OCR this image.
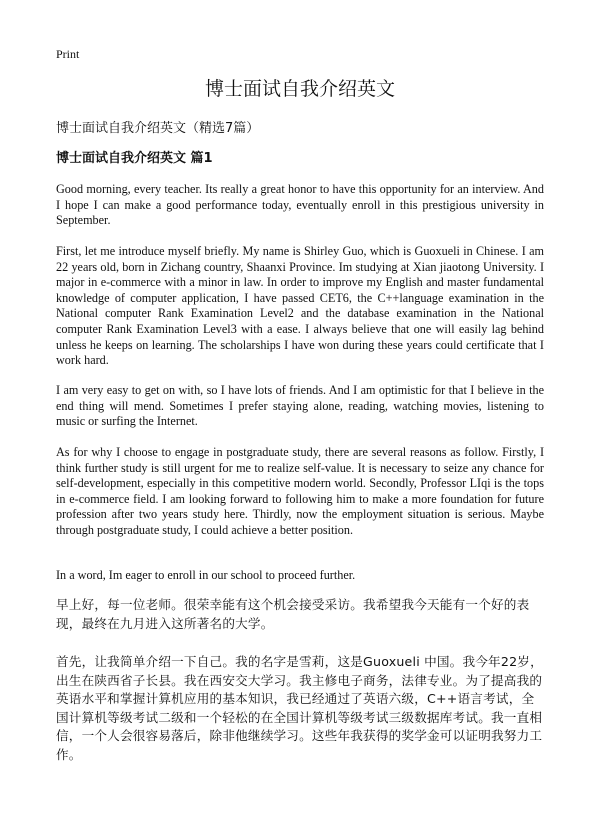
Print
博士面试自我介绍英文
博士面试自我介绍英文（精选7篇）
博士面试自我介绍英文 篇1

Good morning, every teacher. Its really a great honor to have this opportunity for an interview. And I hope I can make a good performance today, eventually enroll in this prestigious university in September.

First, let me introduce myself briefly. My name is Shirley Guo, which is Guoxueli in Chinese. I am 22 years old, born in Zichang country, Shaanxi Province. Im studying at Xian jiaotong University. I major in e-commerce with a minor in law. In order to improve my English and master fundamental knowledge of computer application, I have passed CET6, the C++language examination in the National computer Rank Examination Level2 and the database examination in the National computer Rank Examination Level3 with a ease. I always believe that one will easily lag behind unless he keeps on learning. The scholarships I have won during these years could certificate that I work hard.

I am very easy to get on with, so I have lots of friends. And I am optimistic for that I believe in the end thing will mend. Sometimes I prefer staying alone, reading, watching movies, listening to music or surfing the Internet.

As for why I choose to engage in postgraduate study, there are several reasons as follow. Firstly, I think further study is still urgent for me to realize self-value. It is necessary to seize any chance for self-development, especially in this competitive modern world. Secondly, Professor LIqi is the tops in e-commerce field. I am looking forward to following him to make a more foundation for future profession after two years study here. Thirdly, now the employment situation is serious. Maybe through postgraduate study, I could achieve a better position.

In a word, Im eager to enroll in our school to proceed further.

早上好，每一位老师。很荣幸能有这个机会接受采访。我希望我今天能有一个好的表现，最终在九月进入这所著名的大学。

首先，让我简单介绍一下自己。我的名字是雪莉，这是Guoxueli 中国。我今年22岁，出生在陕西省子长县。我在西安交大学习。我主修电子商务，法律专业。为了提高我的英语水平和掌握计算机应用的基本知识，我已经通过了英语六级，C++语言考试，全国计算机等级考试二级和一个轻松的在全国计算机等级考试三级数据库考试。我一直相信，一个人会很容易落后，除非他继续学习。这些年我获得的奖学金可以证明我努力工作。
